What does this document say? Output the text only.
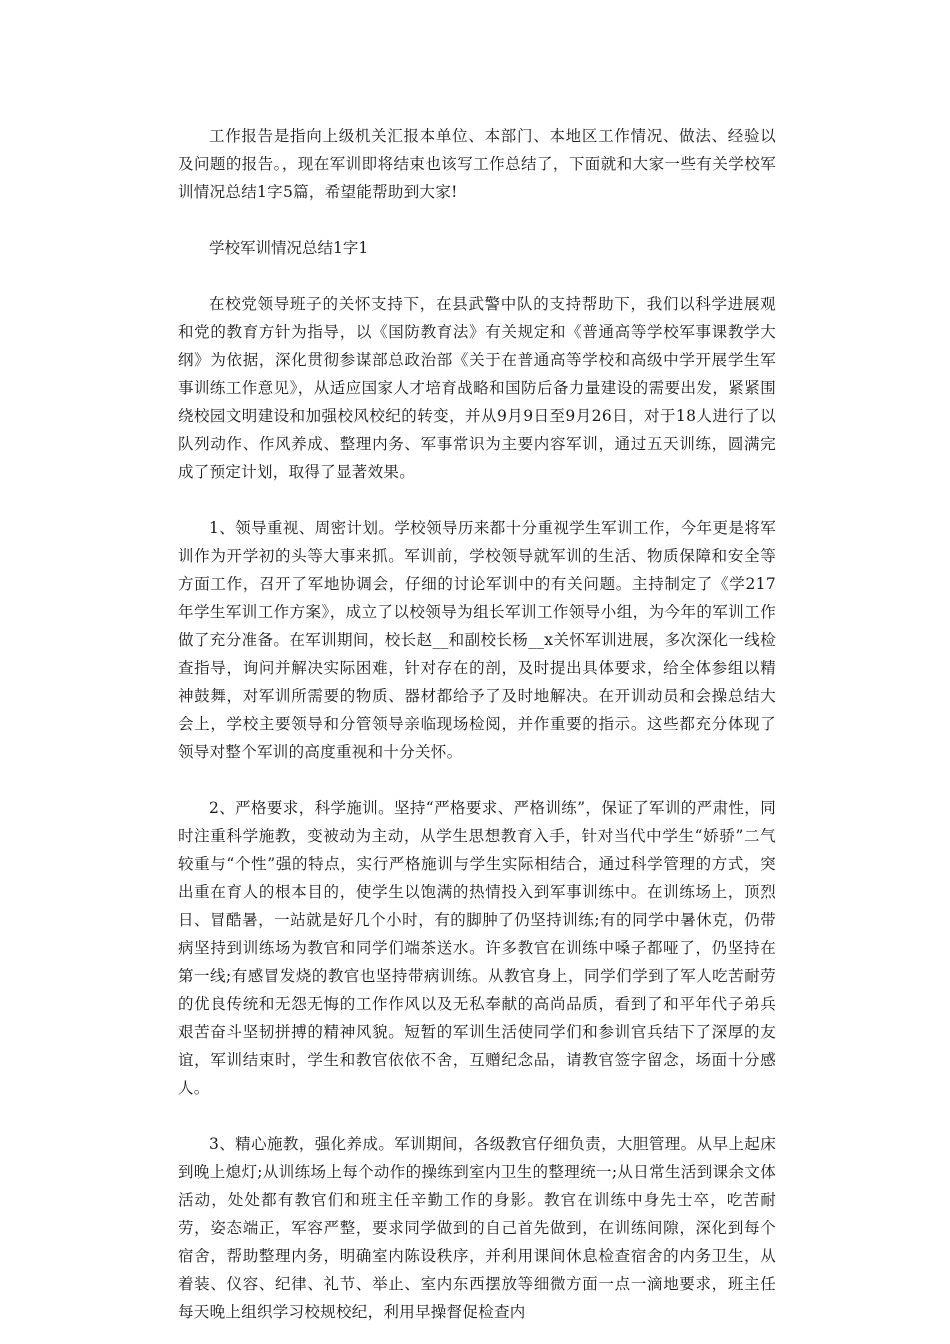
工作报告是指向上级机关汇报本单位、本部门、本地区工作情况、做法、经验以及问题的报告。，现在军训即将结束也该写工作总结了，下面就和大家一些有关学校军训情况总结1字5篇，希望能帮助到大家!

学校军训情况总结1字1

在校党领导班子的关怀支持下，在县武警中队的支持帮助下，我们以科学进展观和党的教育方针为指导，以《国防教育法》有关规定和《普通高等学校军事课教学大纲》为依据，深化贯彻参谋部总政治部《关于在普通高等学校和高级中学开展学生军事训练工作意见》，从适应国家人才培育战略和国防后备力量建设的需要出发，紧紧围绕校园文明建设和加强校风校纪的转变，并从9月9日至9月26日，对于18人进行了以队列动作、作风养成、整理内务、军事常识为主要内容军训，通过五天训练，圆满完成了预定计划，取得了显著效果。

1、领导重视、周密计划。学校领导历来都十分重视学生军训工作，今年更是将军训作为开学初的头等大事来抓。军训前，学校领导就军训的生活、物质保障和安全等方面工作，召开了军地协调会，仔细的讨论军训中的有关问题。主持制定了《学217年学生军训工作方案》，成立了以校领导为组长军训工作领导小组，为今年的军训工作做了充分准备。在军训期间，校长赵__和副校长杨__x关怀军训进展，多次深化一线检查指导，询问并解决实际困难，针对存在的剖，及时提出具体要求，给全体参组以精神鼓舞，对军训所需要的物质、器材都给予了及时地解决。在开训动员和会操总结大会上，学校主要领导和分管领导亲临现场检阅，并作重要的指示。这些都充分体现了领导对整个军训的高度重视和十分关怀。

2、严格要求，科学施训。坚持“严格要求、严格训练”，保证了军训的严肃性，同时注重科学施教，变被动为主动，从学生思想教育入手，针对当代中学生“娇骄”二气较重与“个性”强的特点，实行严格施训与学生实际相结合，通过科学管理的方式，突出重在育人的根本目的，使学生以饱满的热情投入到军事训练中。在训练场上，顶烈日、冒酷暑，一站就是好几个小时，有的脚肿了仍坚持训练;有的同学中暑休克，仍带病坚持到训练场为教官和同学们端茶送水。许多教官在训练中嗓子都哑了，仍坚持在第一线;有感冒发烧的教官也坚持带病训练。从教官身上，同学们学到了军人吃苦耐劳的优良传统和无怨无悔的工作作风以及无私奉献的高尚品质，看到了和平年代子弟兵艰苦奋斗坚韧拼搏的精神风貌。短暂的军训生活使同学们和参训官兵结下了深厚的友谊，军训结束时，学生和教官依依不舍，互赠纪念品，请教官签字留念，场面十分感人。

3、精心施教，强化养成。军训期间，各级教官仔细负责，大胆管理。从早上起床到晚上熄灯;从训练场上每个动作的操练到室内卫生的整理统一;从日常生活到课余文体活动，处处都有教官们和班主任辛勤工作的身影。教官在训练中身先士卒，吃苦耐劳，姿态端正，军容严整，要求同学做到的自己首先做到，在训练间隙，深化到每个宿舍，帮助整理内务，明确室内陈设秩序，并利用课间休息检查宿舍的内务卫生，从着装、仪容、纪律、礼节、举止、室内东西摆放等细微方面一点一滴地要求，班主任每天晚上组织学习校规校纪，利用早操督促检查内
